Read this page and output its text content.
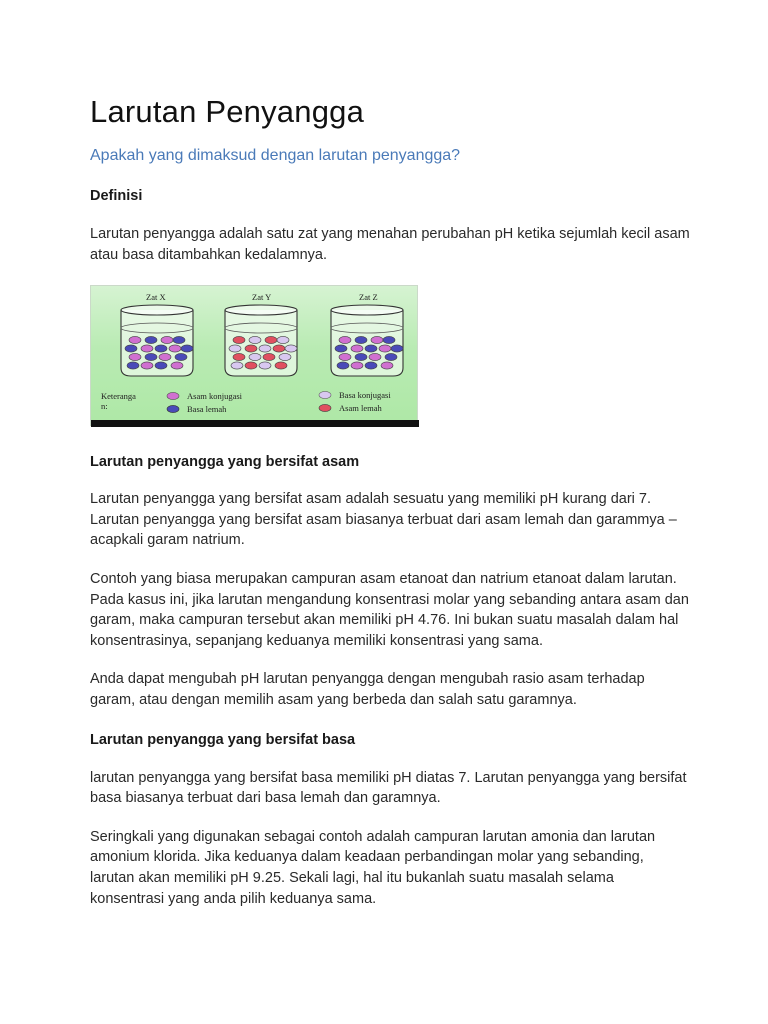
Larutan Penyangga
Apakah yang dimaksud dengan larutan penyangga?
Definisi

Larutan penyangga adalah satu zat yang menahan perubahan pH ketika sejumlah kecil asam atau basa ditambahkan kedalamnya.

Zat X	Zat Y	Zat Z
Keteranga
n:
Asam konjugasi
Basa lemah
Basa konjugasi
Asam lemah
Larutan penyangga yang bersifat asam

Larutan penyangga yang bersifat asam adalah sesuatu yang memiliki pH kurang dari 7. Larutan penyangga yang bersifat asam biasanya terbuat dari asam lemah dan garammya – acapkali garam natrium.

Contoh yang biasa merupakan campuran asam etanoat dan natrium etanoat dalam larutan. Pada kasus ini, jika larutan mengandung konsentrasi molar yang sebanding antara asam dan garam, maka campuran tersebut akan memiliki pH 4.76. Ini bukan suatu masalah dalam hal konsentrasinya, sepanjang keduanya memiliki konsentrasi yang sama.

Anda dapat mengubah pH larutan penyangga dengan mengubah rasio asam terhadap garam, atau dengan memilih asam yang berbeda dan salah satu garamnya.

Larutan penyangga yang bersifat basa

larutan penyangga yang bersifat basa memiliki pH diatas 7. Larutan penyangga yang bersifat basa biasanya terbuat dari basa lemah dan garamnya.

Seringkali yang digunakan sebagai contoh adalah campuran larutan amonia dan larutan amonium klorida. Jika keduanya dalam keadaan perbandingan molar yang sebanding, larutan akan memiliki pH 9.25. Sekali lagi, hal itu bukanlah suatu masalah selama konsentrasi yang anda pilih keduanya sama.
